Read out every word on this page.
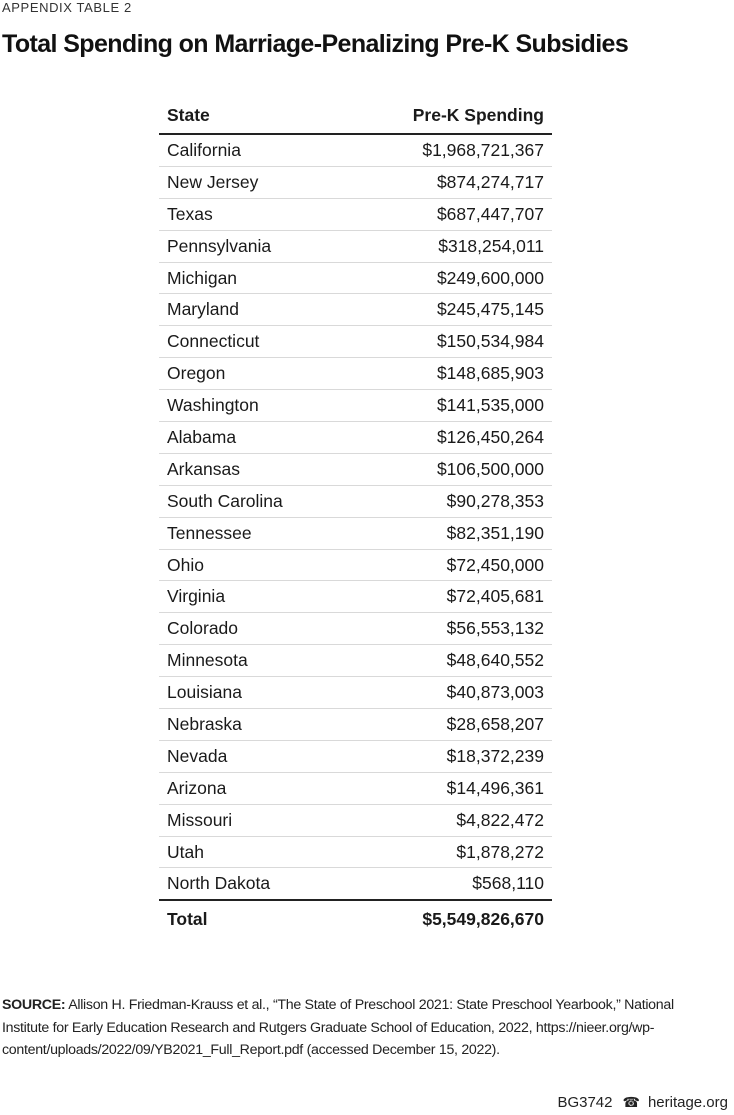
APPENDIX TABLE 2
Total Spending on Marriage-Penalizing Pre-K Subsidies
State	Pre-K Spending
California	$1,968,721,367
New Jersey	$874,274,717
Texas	$687,447,707
Pennsylvania	$318,254,011
Michigan	$249,600,000
Maryland	$245,475,145
Connecticut	$150,534,984
Oregon	$148,685,903
Washington	$141,535,000
Alabama	$126,450,264
Arkansas	$106,500,000
South Carolina	$90,278,353
Tennessee	$82,351,190
Ohio	$72,450,000
Virginia	$72,405,681
Colorado	$56,553,132
Minnesota	$48,640,552
Louisiana	$40,873,003
Nebraska	$28,658,207
Nevada	$18,372,239
Arizona	$14,496,361
Missouri	$4,822,472
Utah	$1,878,272
North Dakota	$568,110
Total	$5,549,826,670
SOURCE: Allison H. Friedman-Krauss et al., “The State of Preschool 2021: State Preschool Yearbook,” National Institute for Early Education Research and Rutgers Graduate School of Education, 2022, https://nieer.org/wp-content/uploads/2022/09/YB2021_Full_Report.pdf (accessed December 15, 2022).
BG3742 ☎ heritage.org
